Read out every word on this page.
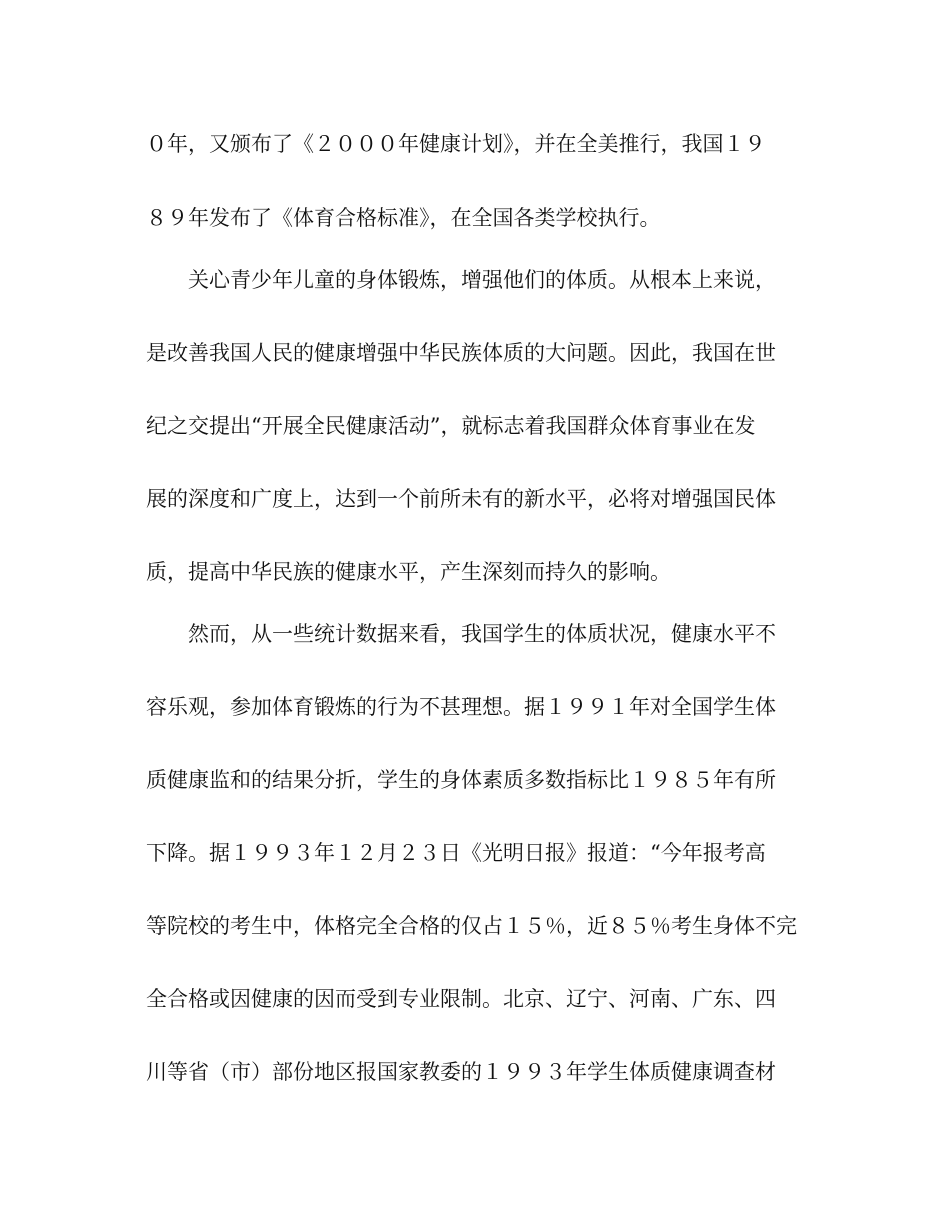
０年，又颁布了《２０００年健康计划》，并在全美推行，我国１９
８９年发布了《体育合格标准》，在全国各类学校执行。
　　关心青少年儿童的身体锻炼，增强他们的体质。从根本上来说，
是改善我国人民的健康增强中华民族体质的大问题。因此，我国在世
纪之交提出“开展全民健康活动”，就标志着我国群众体育事业在发
展的深度和广度上，达到一个前所未有的新水平，必将对增强国民体
质，提高中华民族的健康水平，产生深刻而持久的影响。
　　然而，从一些统计数据来看，我国学生的体质状况，健康水平不
容乐观，参加体育锻炼的行为不甚理想。据１９９１年对全国学生体
质健康监和的结果分折，学生的身体素质多数指标比１９８５年有所
下降。据１９９３年１２月２３日《光明日报》报道：“今年报考高
等院校的考生中，体格完全合格的仅占１５％，近８５％考生身体不完
全合格或因健康的因而受到专业限制。北京、辽宁、河南、广东、四
川等省（市）部份地区报国家教委的１９９３年学生体质健康调查材
